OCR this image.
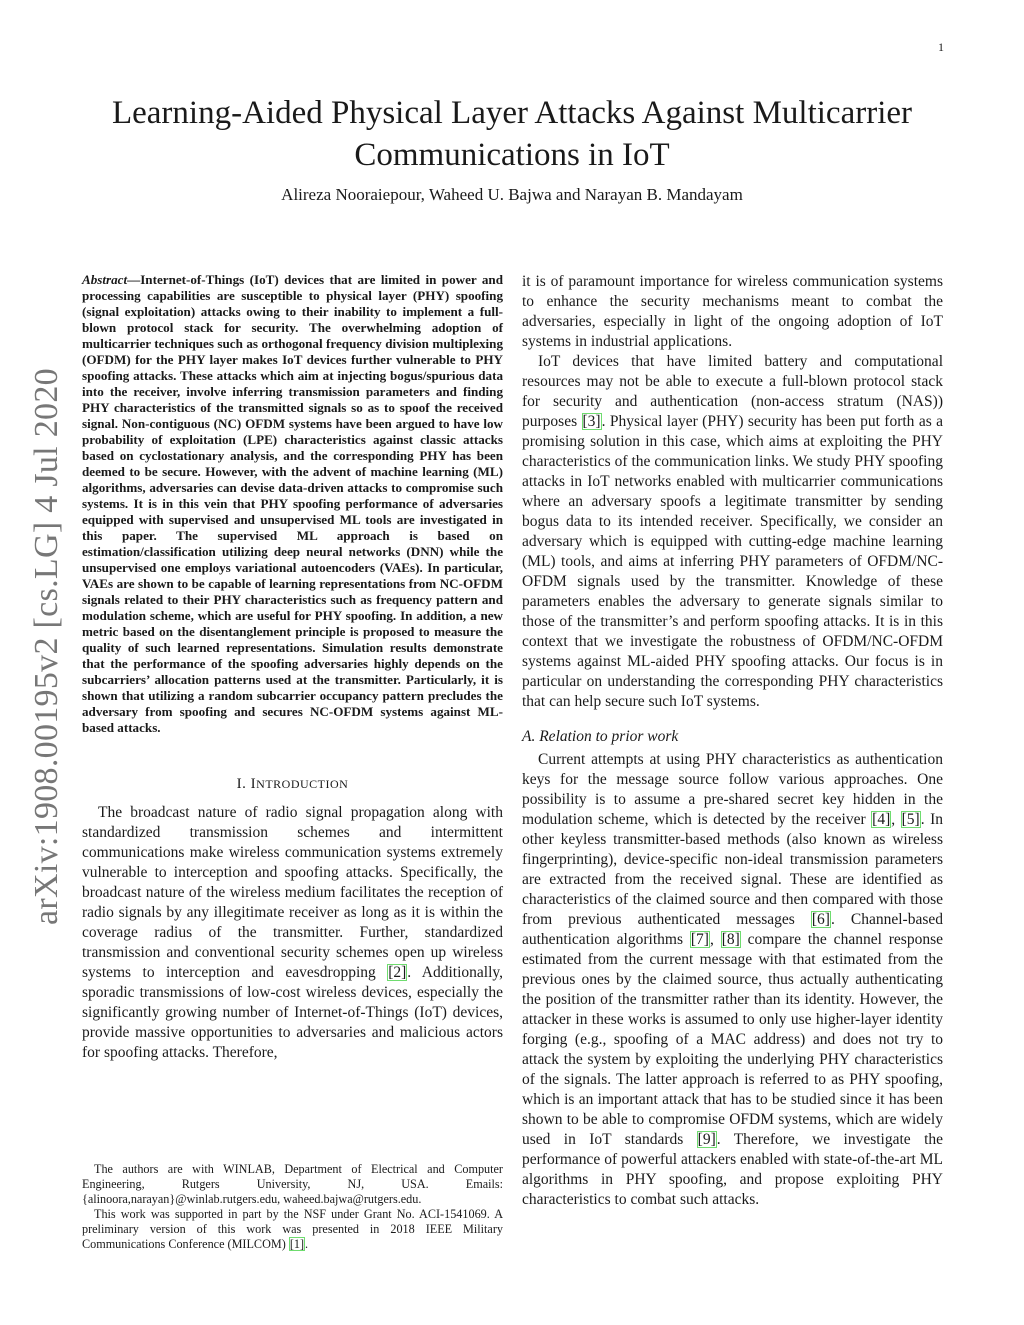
1
arXiv:1908.00195v2 [cs.LG] 4 Jul 2020
Learning-Aided Physical Layer Attacks Against Multicarrier
Communications in IoT
Alireza Nooraiepour, Waheed U. Bajwa and Narayan B. Mandayam

Abstract—Internet-of-Things (IoT) devices that are limited in power and processing capabilities are susceptible to physical layer (PHY) spoofing (signal exploitation) attacks owing to their inability to implement a full-blown protocol stack for security. The overwhelming adoption of multicarrier techniques such as orthogonal frequency division multiplexing (OFDM) for the PHY layer makes IoT devices further vulnerable to PHY spoofing attacks. These attacks which aim at injecting bogus/spurious data into the receiver, involve inferring transmission parameters and finding PHY characteristics of the transmitted signals so as to spoof the received signal. Non-contiguous (NC) OFDM systems have been argued to have low probability of exploitation (LPE) characteristics against classic attacks based on cyclostationary analysis, and the corresponding PHY has been deemed to be secure. However, with the advent of machine learning (ML) algorithms, adversaries can devise data-driven attacks to compromise such systems. It is in this vein that PHY spoofing performance of adversaries equipped with supervised and unsupervised ML tools are investigated in this paper. The supervised ML approach is based on estimation/classification utilizing deep neural networks (DNN) while the unsupervised one employs variational autoencoders (VAEs). In particular, VAEs are shown to be capable of learning representations from NC-OFDM signals related to their PHY characteristics such as frequency pattern and modulation scheme, which are useful for PHY spoofing. In addition, a new metric based on the disentanglement principle is proposed to measure the quality of such learned representations. Simulation results demonstrate that the performance of the spoofing adversaries highly depends on the subcarriers’ allocation patterns used at the transmitter. Particularly, it is shown that utilizing a random subcarrier occupancy pattern precludes the adversary from spoofing and secures NC-OFDM systems against ML-based attacks.

I. INTRODUCTION

The broadcast nature of radio signal propagation along with standardized transmission schemes and intermittent communications make wireless communication systems extremely vulnerable to interception and spoofing attacks. Specifically, the broadcast nature of the wireless medium facilitates the reception of radio signals by any illegitimate receiver as long as it is within the coverage radius of the transmitter. Further, standardized transmission and conventional security schemes open up wireless systems to interception and eavesdropping [2]. Additionally, sporadic transmissions of low-cost wireless devices, especially the significantly growing number of Internet-of-Things (IoT) devices, provide massive opportunities to adversaries and malicious actors for spoofing attacks. Therefore,

it is of paramount importance for wireless communication systems to enhance the security mechanisms meant to combat the adversaries, especially in light of the ongoing adoption of IoT systems in industrial applications.

IoT devices that have limited battery and computational resources may not be able to execute a full-blown protocol stack for security and authentication (non-access stratum (NAS)) purposes [3]. Physical layer (PHY) security has been put forth as a promising solution in this case, which aims at exploiting the PHY characteristics of the communication links. We study PHY spoofing attacks in IoT networks enabled with multicarrier communications where an adversary spoofs a legitimate transmitter by sending bogus data to its intended receiver. Specifically, we consider an adversary which is equipped with cutting-edge machine learning (ML) tools, and aims at inferring PHY parameters of OFDM/NC-OFDM signals used by the transmitter. Knowledge of these parameters enables the adversary to generate signals similar to those of the transmitter’s and perform spoofing attacks. It is in this context that we investigate the robustness of OFDM/NC-OFDM systems against ML-aided PHY spoofing attacks. Our focus is in particular on understanding the corresponding PHY characteristics that can help secure such IoT systems.

A. Relation to prior work

Current attempts at using PHY characteristics as authentication keys for the message source follow various approaches. One possibility is to assume a pre-shared secret key hidden in the modulation scheme, which is detected by the receiver [4], [5]. In other keyless transmitter-based methods (also known as wireless fingerprinting), device-specific non-ideal transmission parameters are extracted from the received signal. These are identified as characteristics of the claimed source and then compared with those from previous authenticated messages [6]. Channel-based authentication algorithms [7], [8] compare the channel response estimated from the current message with that estimated from the previous ones by the claimed source, thus actually authenticating the position of the transmitter rather than its identity. However, the attacker in these works is assumed to only use higher-layer identity forging (e.g., spoofing of a MAC address) and does not try to attack the system by exploiting the underlying PHY characteristics of the signals. The latter approach is referred to as PHY spoofing, which is an important attack that has to be studied since it has been shown to be able to compromise OFDM systems, which are widely used in IoT standards [9]. Therefore, we investigate the performance of powerful attackers enabled with state-of-the-art ML algorithms in PHY spoofing, and propose exploiting PHY characteristics to combat such attacks.

The authors are with WINLAB, Department of Electrical and Computer Engineering, Rutgers University, NJ, USA. Emails: {alinoora,narayan}@winlab.rutgers.edu, waheed.bajwa@rutgers.edu.

This work was supported in part by the NSF under Grant No. ACI-1541069. A preliminary version of this work was presented in 2018 IEEE Military Communications Conference (MILCOM) [1].
